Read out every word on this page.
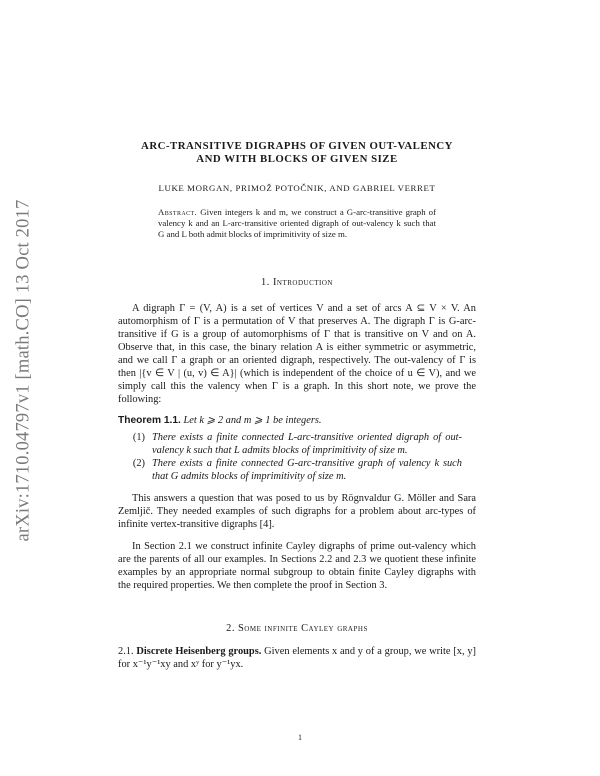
arXiv:1710.04797v1 [math.CO] 13 Oct 2017
ARC-TRANSITIVE DIGRAPHS OF GIVEN OUT-VALENCY
AND WITH BLOCKS OF GIVEN SIZE
LUKE MORGAN, PRIMOŽ POTOČNIK, AND GABRIEL VERRET
Abstract. Given integers k and m, we construct a G-arc-transitive graph of valency k and an L-arc-transitive oriented digraph of out-valency k such that G and L both admit blocks of imprimitivity of size m.
1. Introduction

A digraph Γ = (V, A) is a set of vertices V and a set of arcs A ⊆ V × V. An automorphism of Γ is a permutation of V that preserves A. The digraph Γ is G-arc-transitive if G is a group of automorphisms of Γ that is transitive on V and on A. Observe that, in this case, the binary relation A is either symmetric or asymmetric, and we call Γ a graph or an oriented digraph, respectively. The out-valency of Γ is then |{v ∈ V | (u, v) ∈ A}| (which is independent of the choice of u ∈ V), and we simply call this the valency when Γ is a graph. In this short note, we prove the following:

Theorem 1.1. Let k ⩾ 2 and m ⩾ 1 be integers.

(1) There exists a finite connected L-arc-transitive oriented digraph of out-valency k such that L admits blocks of imprimitivity of size m.
(2) There exists a finite connected G-arc-transitive graph of valency k such that G admits blocks of imprimitivity of size m.

This answers a question that was posed to us by Rögnvaldur G. Möller and Sara Zemljič. They needed examples of such digraphs for a problem about arc-types of infinite vertex-transitive digraphs [4].

In Section 2.1 we construct infinite Cayley digraphs of prime out-valency which are the parents of all our examples. In Sections 2.2 and 2.3 we quotient these infinite examples by an appropriate normal subgroup to obtain finite Cayley digraphs with the required properties. We then complete the proof in Section 3.

2. Some infinite Cayley graphs

2.1. Discrete Heisenberg groups. Given elements x and y of a group, we write [x, y] for x⁻¹y⁻¹xy and xʸ for y⁻¹yx.

1
